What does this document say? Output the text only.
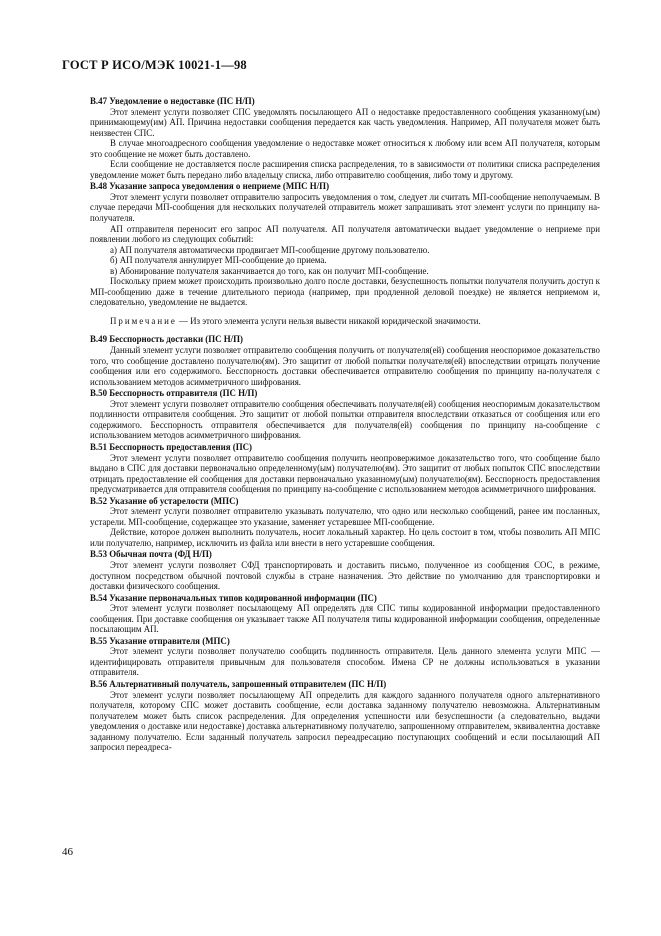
ГОСТ Р ИСО/МЭК 10021-1—98
В.47 Уведомление о недоставке (ПС Н/П)

Этот элемент услуги позволяет СПС уведомлять посылающего АП о недоставке предоставленного сообщения указанному(ым) принимающему(им) АП. Причина недоставки сообщения передается как часть уведомления. Например, АП получателя может быть неизвестен СПС.

В случае многоадресного сообщения уведомление о недоставке может относиться к любому или всем АП получателя, которым это сообщение не может быть доставлено.

Если сообщение не доставляется после расширения списка распределения, то в зависимости от политики списка распределения уведомление может быть передано либо владельцу списка, либо отправителю сообщения, либо тому и другому.

В.48 Указание запроса уведомления о неприеме (МПС Н/П)

Этот элемент услуги позволяет отправителю запросить уведомления о том, следует ли считать МП-сообщение неполучаемым. В случае передачи МП-сообщения для нескольких получателей отправитель может запрашивать этот элемент услуги по принципу на-получателя.

АП отправителя переносит его запрос АП получателя. АП получателя автоматически выдает уведомление о неприеме при появлении любого из следующих событий:

а) АП получателя автоматически продвигает МП-сообщение другому пользователю.

б) АП получателя аннулирует МП-сообщение до приема.

в) Абонирование получателя заканчивается до того, как он получит МП-сообщение.

Поскольку прием может происходить произвольно долго после доставки, безуспешность попытки получателя получить доступ к МП-сообщению даже в течение длительного периода (например, при продленной деловой поездке) не является неприемом и, следовательно, уведомление не выдается.

Примечание — Из этого элемента услуги нельзя вывести никакой юридической значимости.

В.49 Бесспорность доставки (ПС Н/П)

Данный элемент услуги позволяет отправителю сообщения получить от получателя(ей) сообщения неоспоримое доказательство того, что сообщение доставлено получателю(ям). Это защитит от любой попытки получателя(ей) впоследствии отрицать получение сообщения или его содержимого. Бесспорность доставки обеспечивается отправителю сообщения по принципу на-получателя с использованием методов асимметричного шифрования.

В.50 Бесспорность отправителя (ПС Н/П)

Этот элемент услуги позволяет отправителю сообщения обеспечивать получателя(ей) сообщения неоспоримым доказательством подлинности отправителя сообщения. Это защитит от любой попытки отправителя впоследствии отказаться от сообщения или его содержимого. Бесспорность отправителя обеспечивается для получателя(ей) сообщения по принципу на-сообщение с использованием методов асимметричного шифрования.

В.51 Бесспорность предоставления (ПС)

Этот элемент услуги позволяет отправителю сообщения получить неопровержимое доказательство того, что сообщение было выдано в СПС для доставки первоначально определенному(ым) получателю(ям). Это защитит от любых попыток СПС впоследствии отрицать предоставление ей сообщения для доставки первоначально указанному(ым) получателю(ям). Бесспорность предоставления предусматривается для отправителя сообщения по принципу на-сообщение с использованием методов асимметричного шифрования.

В.52 Указание об устарелости (МПС)

Этот элемент услуги позволяет отправителю указывать получателю, что одно или несколько сообщений, ранее им посланных, устарели. МП-сообщение, содержащее это указание, заменяет устаревшее МП-сообщение.

Действие, которое должен выполнить получатель, носит локальный характер. Но цель состоит в том, чтобы позволить АП МПС или получателю, например, исключить из файла или внести в него устаревшие сообщения.

В.53 Обычная почта (ФД Н/П)

Этот элемент услуги позволяет СФД транспортировать и доставить письмо, полученное из сообщения СОС, в режиме, доступном посредством обычной почтовой службы в стране назначения. Это действие по умолчанию для транспортировки и доставки физического сообщения.

В.54 Указание первоначальных типов кодированной информации (ПС)

Этот элемент услуги позволяет посылающему АП определять для СПС типы кодированной информации предоставленного сообщения. При доставке сообщения он указывает также АП получателя типы кодированной информации сообщения, определенные посылающим АП.

В.55 Указание отправителя (МПС)

Этот элемент услуги позволяет получателю сообщить подлинность отправителя. Цель данного элемента услуги МПС — идентифицировать отправителя привычным для пользователя способом. Имена СР не должны использоваться в указании отправителя.

В.56 Альтернативный получатель, запрошенный отправителем (ПС Н/П)

Этот элемент услуги позволяет посылающему АП определить для каждого заданного получателя одного альтернативного получателя, которому СПС может доставить сообщение, если доставка заданному получателю невозможна. Альтернативным получателем может быть список распределения. Для определения успешности или безуспешности (а следовательно, выдачи уведомления о доставке или недоставке) доставка альтернативному получателю, запрошенному отправителем, эквивалентна доставке заданному получателю. Если заданный получатель запросил переадресацию поступающих сообщений и если посылающий АП запросил переадреса-

46
